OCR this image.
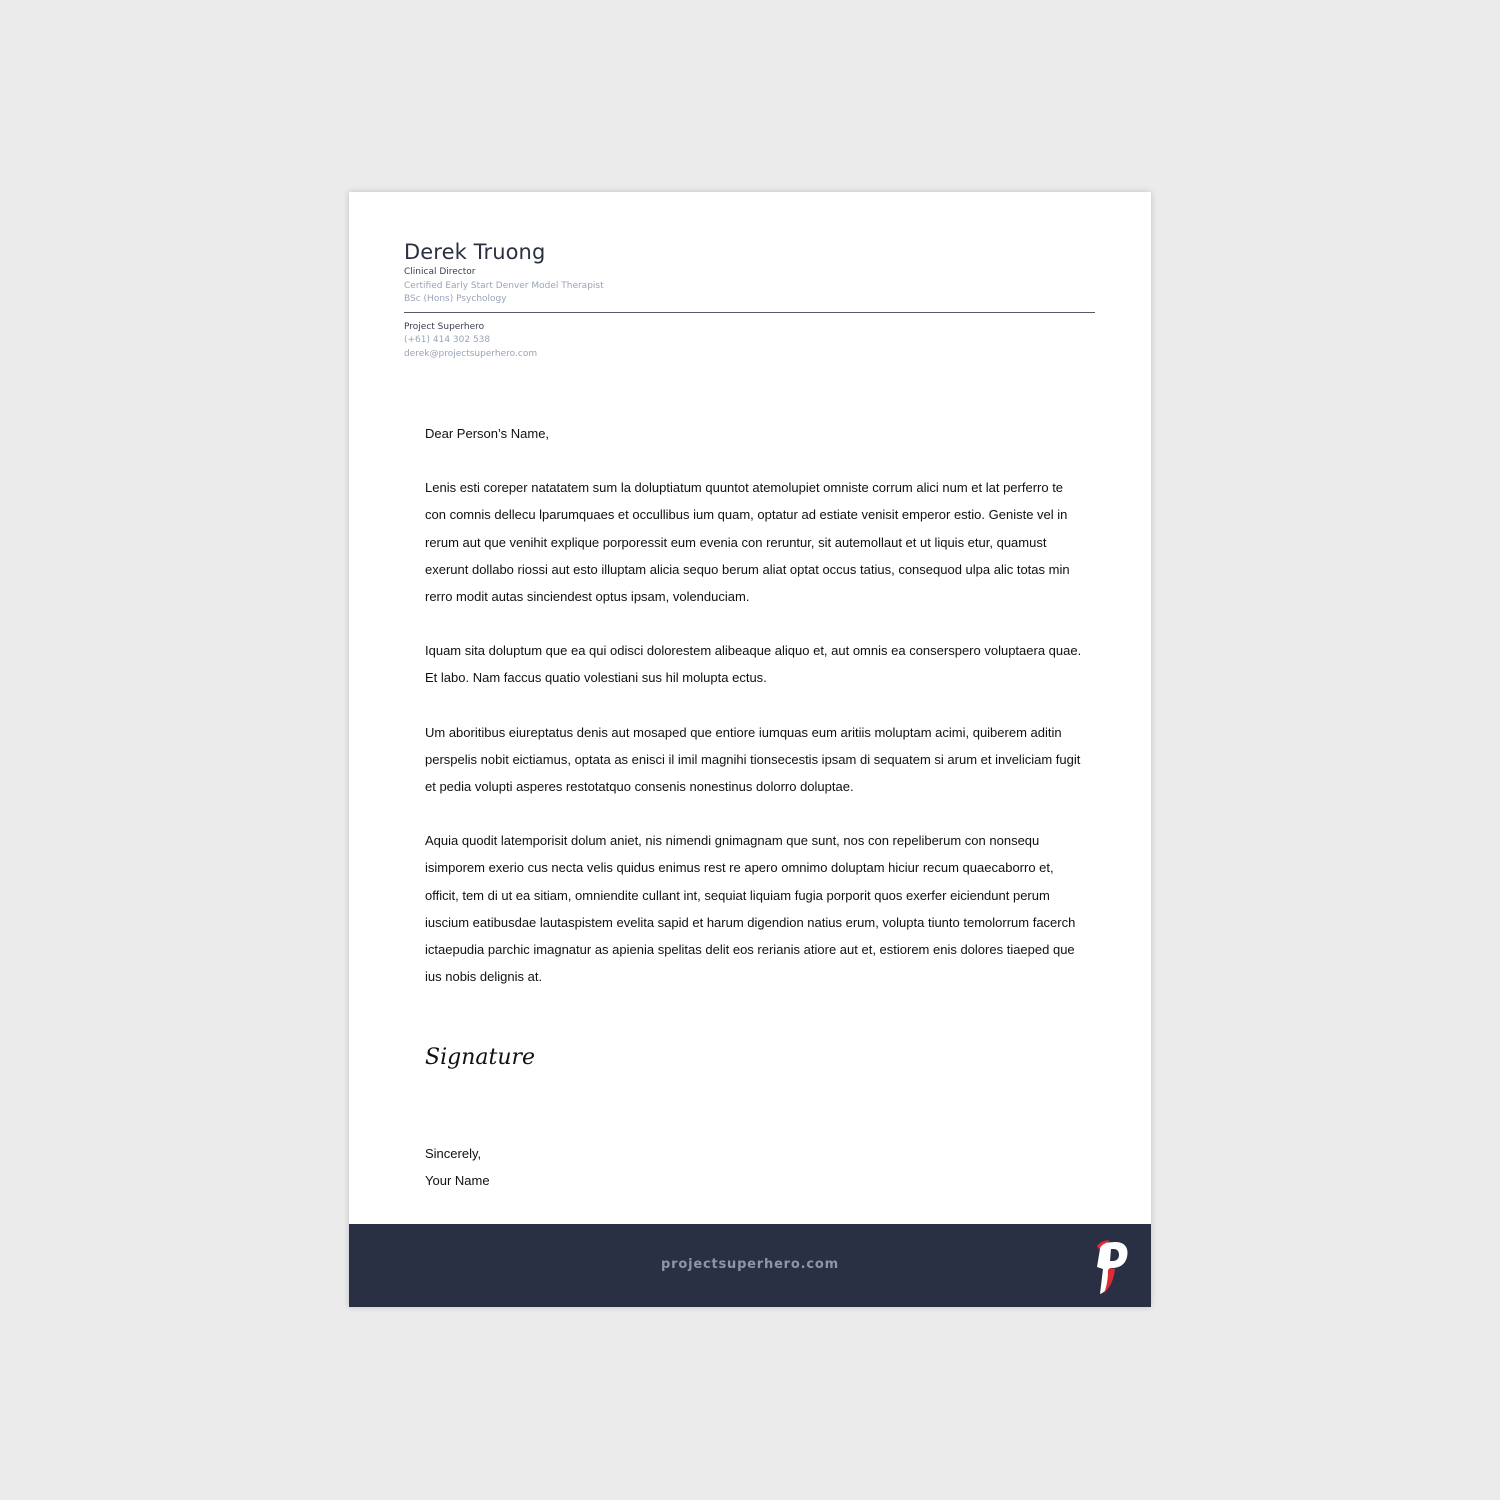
Derek Truong
Clinical Director
Certified Early Start Denver Model Therapist
BSc (Hons) Psychology
Project Superhero
(+61) 414 302 538
derek@projectsuperhero.com

Dear Person’s Name,

Lenis esti coreper natatatem sum la doluptiatum quuntot atemolupiet omniste corrum alici num et lat perferro te con comnis dellecu lparumquaes et occullibus ium quam, optatur ad estiate venisit emperor estio. Geniste vel in rerum aut que venihit explique porporessit eum evenia con reruntur, sit autemollaut et ut liquis etur, quamust exerunt dollabo riossi aut esto illuptam alicia sequo berum aliat optat occus tatius, consequod ulpa alic totas min rerro modit autas sinciendest optus ipsam, volenduciam.

Iquam sita doluptum que ea qui odisci dolorestem alibeaque aliquo et, aut omnis ea conserspero voluptaera quae. Et labo. Nam faccus quatio volestiani sus hil molupta ectus.

Um aboritibus eiureptatus denis aut mosaped que entiore iumquas eum aritiis moluptam acimi, quiberem aditin perspelis nobit eictiamus, optata as enisci il imil magnihi tionsecestis ipsam di sequatem si arum et inveliciam fugit et pedia volupti asperes restotatquo consenis nonestinus dolorro doluptae.

Aquia quodit latemporisit dolum aniet, nis nimendi gnimagnam que sunt, nos con repeliberum con nonsequ isimporem exerio cus necta velis quidus enimus rest re apero omnimo doluptam hiciur recum quaecaborro et, officit, tem di ut ea sitiam, omniendite cullant int, sequiat liquiam fugia porporit quos exerfer eiciendunt perum iuscium eatibusdae lautaspistem evelita sapid et harum digendion natius erum, volupta tiunto temolorrum facerch ictaepudia parchic imagnatur as apienia spelitas delit eos rerianis atiore aut et, estiorem enis dolores tiaeped que ius nobis delignis at.

Signature
Sincerely,
Your Name
projectsuperhero.com
